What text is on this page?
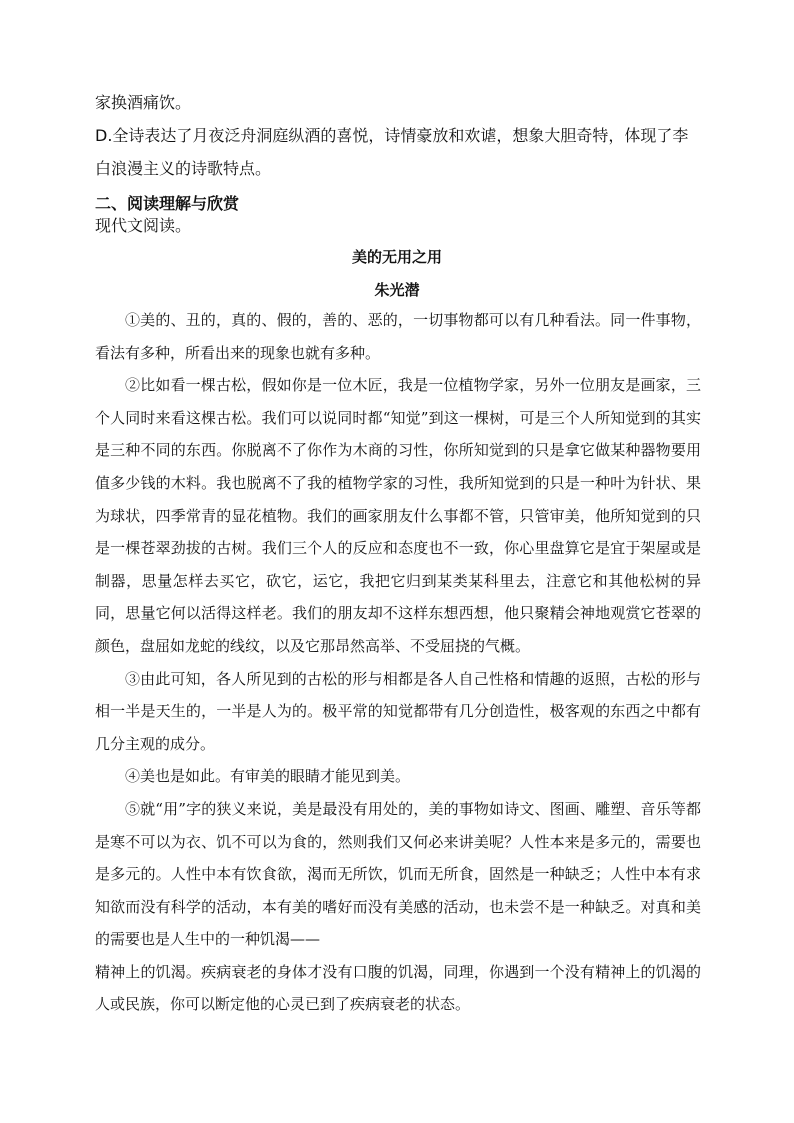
家换酒痛饮。

D.全诗表达了月夜泛舟洞庭纵酒的喜悦，诗情豪放和欢谑，想象大胆奇特，体现了李白浪漫主义的诗歌特点。

二、阅读理解与欣赏

现代文阅读。

美的无用之用

朱光潜

①美的、丑的，真的、假的，善的、恶的，一切事物都可以有几种看法。同一件事物，看法有多种，所看出来的现象也就有多种。

②比如看一棵古松，假如你是一位木匠，我是一位植物学家，另外一位朋友是画家，三个人同时来看这棵古松。我们可以说同时都“知觉”到这一棵树，可是三个人所知觉到的其实是三种不同的东西。你脱离不了你作为木商的习性，你所知觉到的只是拿它做某种器物要用值多少钱的木料。我也脱离不了我的植物学家的习性，我所知觉到的只是一种叶为针状、果为球状，四季常青的显花植物。我们的画家朋友什么事都不管，只管审美，他所知觉到的只是一棵苍翠劲拔的古树。我们三个人的反应和态度也不一致，你心里盘算它是宜于架屋或是制器，思量怎样去买它，砍它，运它，我把它归到某类某科里去，注意它和其他松树的异同，思量它何以活得这样老。我们的朋友却不这样东想西想，他只聚精会神地观赏它苍翠的颜色，盘屈如龙蛇的线纹，以及它那昂然高举、不受屈挠的气概。

③由此可知，各人所见到的古松的形与相都是各人自己性格和情趣的返照，古松的形与相一半是天生的，一半是人为的。极平常的知觉都带有几分创造性，极客观的东西之中都有几分主观的成分。

④美也是如此。有审美的眼睛才能见到美。

⑤就“用”字的狭义来说，美是最没有用处的，美的事物如诗文、图画、雕塑、音乐等都是寒不可以为衣、饥不可以为食的，然则我们又何必来讲美呢？人性本来是多元的，需要也是多元的。人性中本有饮食欲，渴而无所饮，饥而无所食，固然是一种缺乏；人性中本有求知欲而没有科学的活动，本有美的嗜好而没有美感的活动，也未尝不是一种缺乏。对真和美的需要也是人生中的一种饥渴——

精神上的饥渴。疾病衰老的身体才没有口腹的饥渴，同理，你遇到一个没有精神上的饥渴的人或民族，你可以断定他的心灵已到了疾病衰老的状态。
